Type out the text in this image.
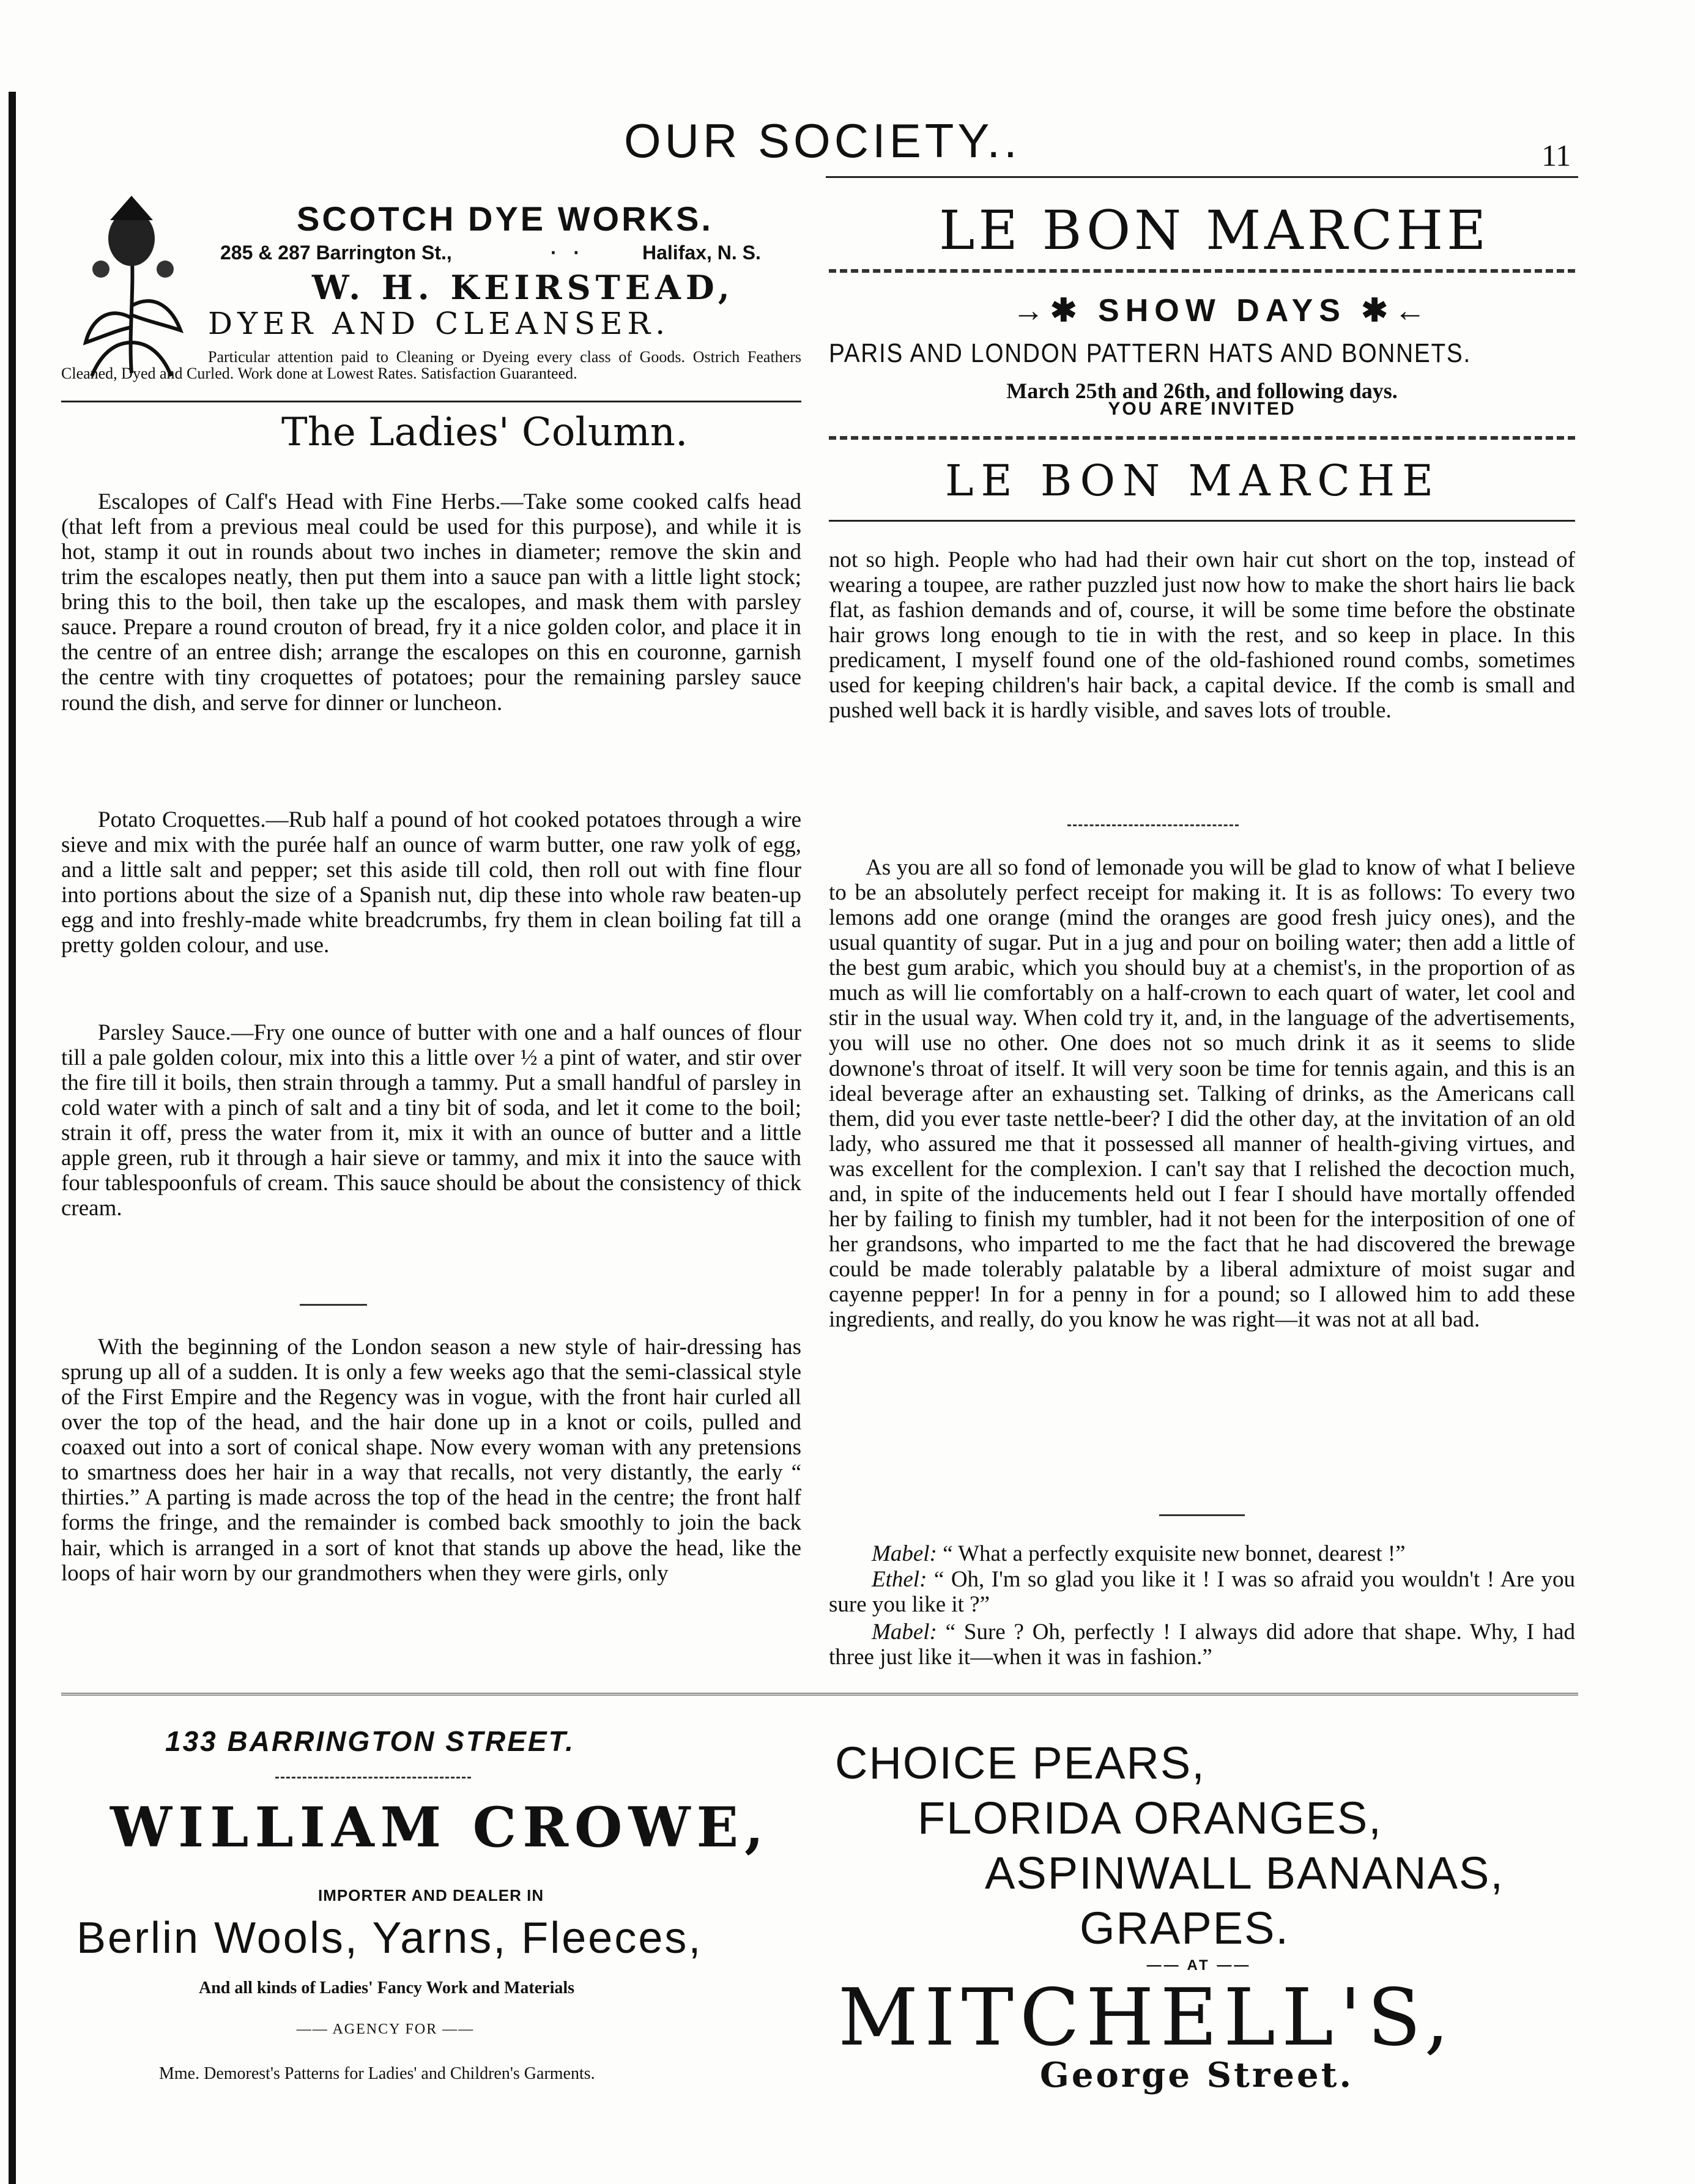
OUR SOCIETY..	11
SCOTCH DYE WORKS.
285 & 287 Barrington St.,	·   ·	Halifax, N. S.
W. H. KEIRSTEAD,
DYER AND CLEANSER.
Particular attention paid to Cleaning or Dyeing every class of Goods. Ostrich Feathers Cleaned, Dyed and Curled. Work done at Lowest Rates. Satisfaction Guaranteed.
The Ladies' Column.
Escalopes of Calf's Head with Fine Herbs.—Take some cooked calfs head (that left from a previous meal could be used for this purpose), and while it is hot, stamp it out in rounds about two inches in diameter; remove the skin and trim the escalopes neatly, then put them into a sauce pan with a little light stock; bring this to the boil, then take up the escalopes, and mask them with parsley sauce. Prepare a round crouton of bread, fry it a nice golden color, and place it in the centre of an entree dish; arrange the escalopes on this en couronne, garnish the centre with tiny croquettes of potatoes; pour the remaining parsley sauce round the dish, and serve for dinner or luncheon.
Potato Croquettes.—Rub half a pound of hot cooked potatoes through a wire sieve and mix with the purée half an ounce of warm butter, one raw yolk of egg, and a little salt and pepper; set this aside till cold, then roll out with fine flour into portions about the size of a Spanish nut, dip these into whole raw beaten-up egg and into freshly-made white breadcrumbs, fry them in clean boiling fat till a pretty golden colour, and use.
Parsley Sauce.—Fry one ounce of butter with one and a half ounces of flour till a pale golden colour, mix into this a little over ½ a pint of water, and stir over the fire till it boils, then strain through a tammy. Put a small handful of parsley in cold water with a pinch of salt and a tiny bit of soda, and let it come to the boil; strain it off, press the water from it, mix it with an ounce of butter and a little apple green, rub it through a hair sieve or tammy, and mix it into the sauce with four tablespoonfuls of cream. This sauce should be about the consistency of thick cream.
With the beginning of the London season a new style of hair-dressing has sprung up all of a sudden. It is only a few weeks ago that the semi-classical style of the First Empire and the Regency was in vogue, with the front hair curled all over the top of the head, and the hair done up in a knot or coils, pulled and coaxed out into a sort of conical shape. Now every woman with any pretensions to smartness does her hair in a way that recalls, not very distantly, the early “ thirties.” A parting is made across the top of the head in the centre; the front half forms the fringe, and the remainder is combed back smoothly to join the back hair, which is arranged in a sort of knot that stands up above the head, like the loops of hair worn by our grandmothers when they were girls, only
LE BON MARCHE
→✱ SHOW DAYS ✱←
PARIS AND LONDON PATTERN HATS AND BONNETS.
March 25th and 26th, and following days.
YOU ARE INVITED
LE BON MARCHE
not so high. People who had had their own hair cut short on the top, instead of wearing a toupee, are rather puzzled just now how to make the short hairs lie back flat, as fashion demands and of, course, it will be some time before the obstinate hair grows long enough to tie in with the rest, and so keep in place. In this predicament, I myself found one of the old-fashioned round combs, sometimes used for keeping children's hair back, a capital device. If the comb is small and pushed well back it is hardly visible, and saves lots of trouble.
As you are all so fond of lemonade you will be glad to know of what I believe to be an absolutely perfect receipt for making it. It is as follows: To every two lemons add one orange (mind the oranges are good fresh juicy ones), and the usual quantity of sugar. Put in a jug and pour on boiling water; then add a little of the best gum arabic, which you should buy at a chemist's, in the proportion of as much as will lie comfortably on a half-crown to each quart of water, let cool and stir in the usual way. When cold try it, and, in the language of the advertisements, you will use no other. One does not so much drink it as it seems to slide downone's throat of itself. It will very soon be time for tennis again, and this is an ideal beverage after an exhausting set. Talking of drinks, as the Americans call them, did you ever taste nettle-beer? I did the other day, at the invitation of an old lady, who assured me that it possessed all manner of health-giving virtues, and was excellent for the complexion. I can't say that I relished the decoction much, and, in spite of the inducements held out I fear I should have mortally offended her by failing to finish my tumbler, had it not been for the interposition of one of her grandsons, who imparted to me the fact that he had discovered the brewage could be made tolerably palatable by a liberal admixture of moist sugar and cayenne pepper! In for a penny in for a pound; so I allowed him to add these ingredients, and really, do you know he was right—it was not at all bad.
Mabel: “ What a perfectly exquisite new bonnet, dearest !”
Ethel: “ Oh, I'm so glad you like it ! I was so afraid you wouldn't ! Are you sure you like it ?”
Mabel: “ Sure ? Oh, perfectly ! I always did adore that shape. Why, I had three just like it—when it was in fashion.”
133 BARRINGTON STREET.
WILLIAM CROWE,
IMPORTER AND DEALER IN
Berlin Wools, Yarns, Fleeces,
And all kinds of Ladies' Fancy Work and Materials
—— AGENCY FOR ——
Mme. Demorest's Patterns for Ladies' and Children's Garments.
CHOICE PEARS,
FLORIDA ORANGES,
ASPINWALL BANANAS,
GRAPES.
—— AT ——
MITCHELL'S,
George Street.
